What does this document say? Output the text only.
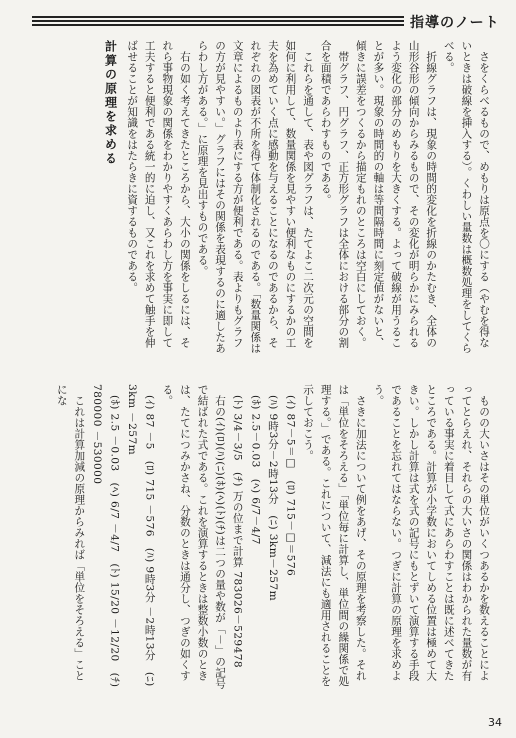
指導のノート

さをくらべるもので、めもりは原点を〇にする（やむを得ないときは破線を挿入する）。くわしい量数は概数処理をしてくらべる。

折線グラフは、現象の時間的変化を折線のかたむき、全体の山形谷形の傾向からみるもので、その変化が明らかにみられるよう変化の部分のめもりを大きくする。よって破線が用うることが多い。現象の時間的の軸は等間隔時間に刻定値がないと、傾きに誤差をつくるから描定もれのところは空白にしておく。

帯グラフ、円グラフ、正方形グラフは全体における部分の割合を面積であらわすものである。

これらを通して、表や図グラフは、たてよこ二次元の空間を如何に利用して、数量関係を見やすい便利なものにするかの工夫を為めていく点に感動を与えることになるのであるから、それぞれの図表が不所を得て体制化されるのである。「数量関係は文章によるものより表にする方が便利である。表よりもグラフの方が見やすい。」グラフにはその関係を表現するのに適したあらわし方がある。」に原理を見出すものである。

右の如く考えてきたところから、大小の関係をしるには、それら事物現象の関係をわかりやすくあらわし方を事実に即して工夫すると便利である統一的に迫し、又これを求めて触手を伸ばせることが知識をはたらきに資するものである。

計算の原理を求める

ものの大いさはその単位がいくつあるかを数えることによってとらえれ、それらの大いさの関係はわかられた量数が有っている事実に着目して式にあらわすことは既に述べてきたところである。計算が小学数においてしめる位置は極めて大きい。しかし計算は式を式の記号にもとずいて演算する手段であることを忘れてはならない。つぎに計算の原理を求めよう。

さきに加法について例をあげ、その原理を考察した。それは「単位をそろえる」「単位毎に計算し、単位間の繰関係で処理する。」である。これについて、減法にも適用されることを示しておこう。

(ｲ) 87－5＝□　(ﾛ) 715－□＝576

(ﾊ) 9時3分－2時13分　(ﾆ) 3km－257m

(ﾎ) 2.5－0.03　(ﾍ) 6/7－4/7

(ﾄ) 3/4－3/5　(ﾁ) 万の位まで計算 783026－529478

右の(ｲ)(ﾛ)(ﾊ)(ﾆ)(ﾎ)(ﾍ)(ﾄ)(ﾁ)は二つの量や数が「－」の記号で結ばれた式である。これを演算するときは整数小数のときは、たてにつみかさね、分数のときは通分し、つぎの如くする。

(ｲ) 87 －5　(ﾛ) 715 －576　(ﾊ) 9時3分 －2時13分　(ﾆ) 3km －257m

(ﾎ) 2.5 －0.03　(ﾍ) 6/7 －4/7　(ﾄ) 15/20 －12/20　(ﾁ) 780000 －530000

これは計算加減の原理からみれば「単位をそろえる」ことにな

34
